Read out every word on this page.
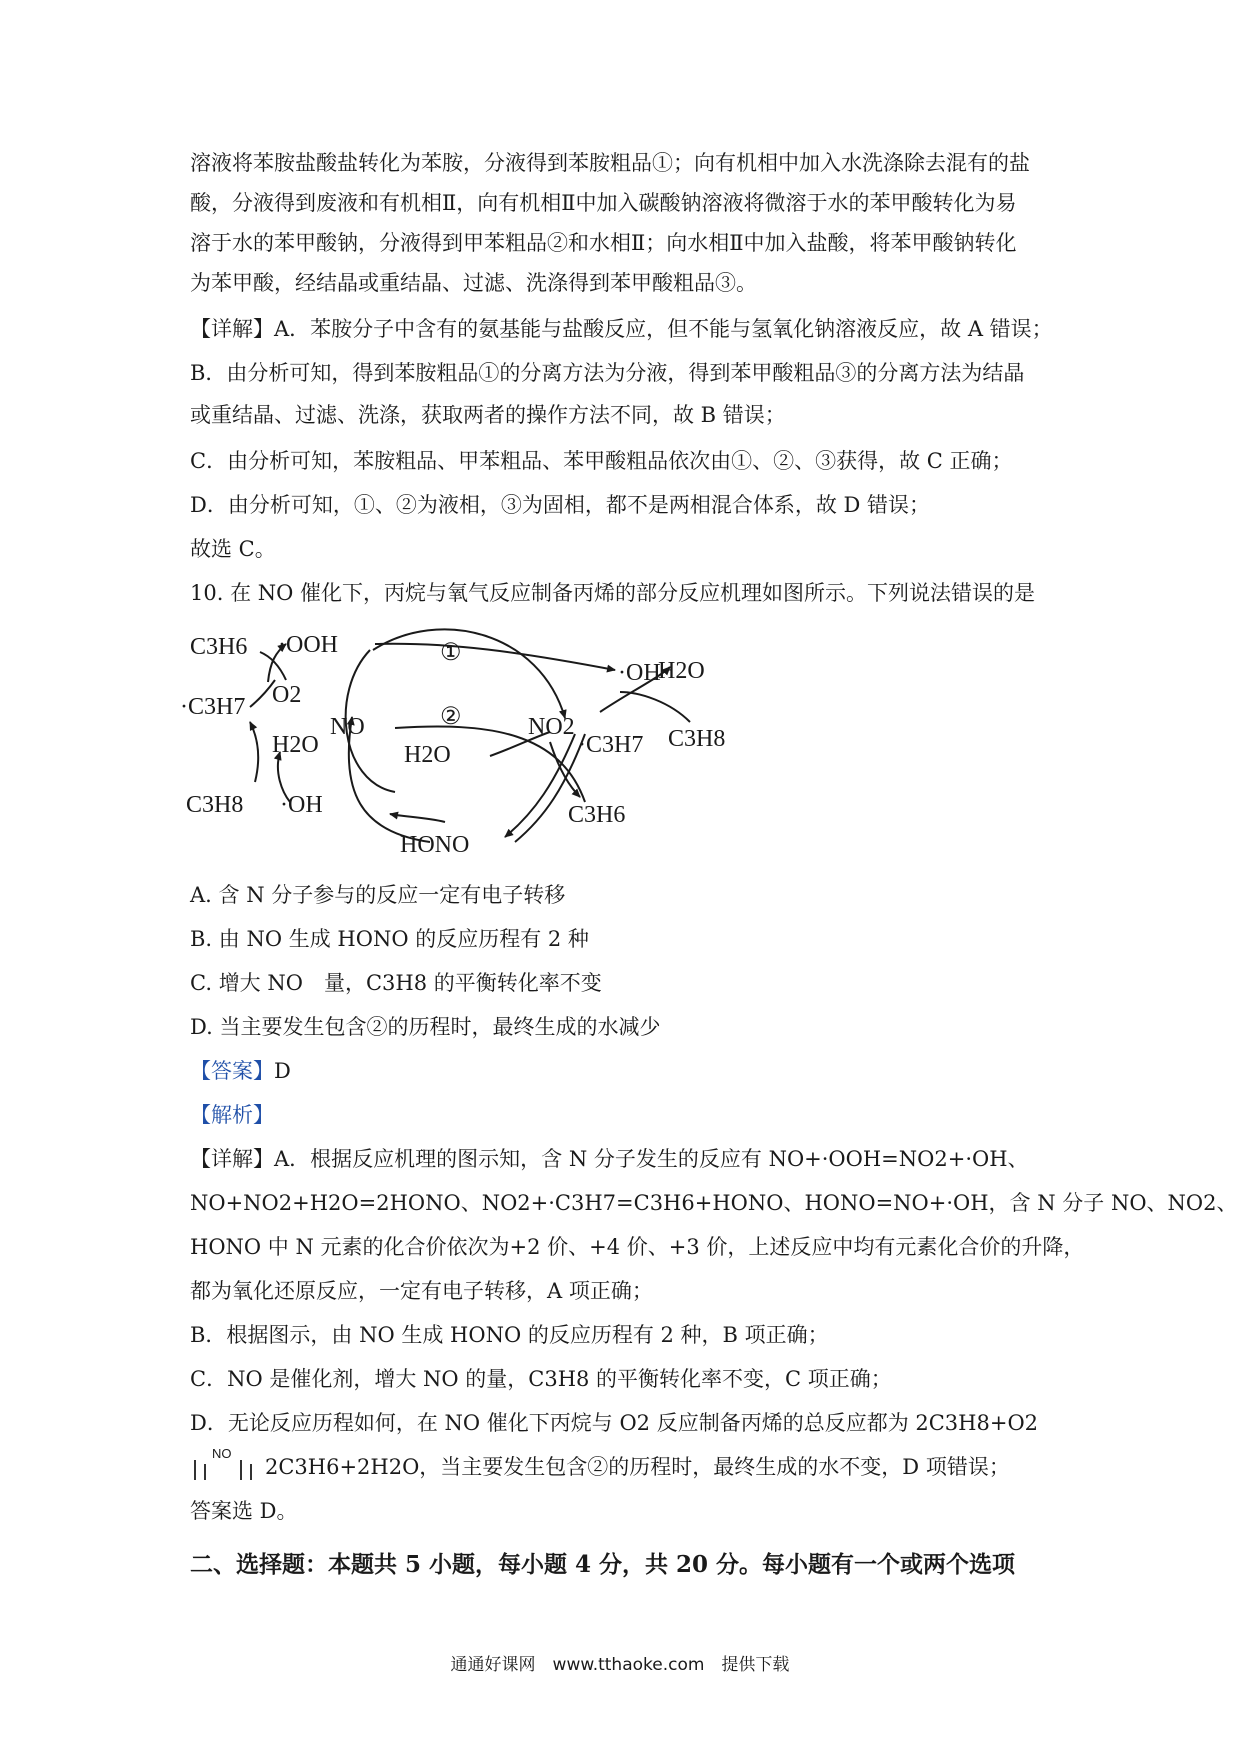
溶液将苯胺盐酸盐转化为苯胺，分液得到苯胺粗品①；向有机相中加入水洗涤除去混有的盐
酸，分液得到废液和有机相Ⅱ，向有机相Ⅱ中加入碳酸钠溶液将微溶于水的苯甲酸转化为易
溶于水的苯甲酸钠，分液得到甲苯粗品②和水相Ⅱ；向水相Ⅱ中加入盐酸，将苯甲酸钠转化
为苯甲酸，经结晶或重结晶、过滤、洗涤得到苯甲酸粗品③。
【详解】A．苯胺分子中含有的氨基能与盐酸反应，但不能与氢氧化钠溶液反应，故 A 错误；
B．由分析可知，得到苯胺粗品①的分离方法为分液，得到苯甲酸粗品③的分离方法为结晶
或重结晶、过滤、洗涤，获取两者的操作方法不同，故 B 错误；
C．由分析可知，苯胺粗品、甲苯粗品、苯甲酸粗品依次由①、②、③获得，故 C 正确；
D．由分析可知，①、②为液相，③为固相，都不是两相混合体系，故 D 错误；
故选 C。
10. 在 NO 催化下，丙烷与氧气反应制备丙烯的部分反应机理如图所示。下列说法错误的是
C3H6 ·OOH
O2
·C3H7
H2O
C3H8 ·OH
NO
①
②
H2O
NO2
HONO
·OH
H2O
C3H8
·C3H7
C3H6
A. 含 N 分子参与的反应一定有电子转移
B. 由 NO 生成 HONO 的反应历程有 2 种
C. 增大 NO　量，C3H8 的平衡转化率不变
D. 当主要发生包含②的历程时，最终生成的水减少
【答案】D
【解析】
【详解】A．根据反应机理的图示知，含 N 分子发生的反应有 NO+·OOH=NO2+·OH、
NO+NO2+H2O=2HONO、NO2+·C3H7=C3H6+HONO、HONO=NO+·OH，含 N 分子 NO、NO2、
HONO 中 N 元素的化合价依次为+2 价、+4 价、+3 价，上述反应中均有元素化合价的升降，
都为氧化还原反应，一定有电子转移，A 项正确；
B．根据图示，由 NO 生成 HONO 的反应历程有 2 种，B 项正确；
C．NO 是催化剂，增大 NO 的量，C3H8 的平衡转化率不变，C 项正确；
D．无论反应历程如何，在 NO 催化下丙烷与 O2 反应制备丙烯的总反应都为 2C3H8+O2
NO
2C3H6+2H2O，当主要发生包含②的历程时，最终生成的水不变，D 项错误；
答案选 D。
二、选择题：本题共 5 小题，每小题 4 分，共 20 分。每小题有一个或两个选项
通通好课网　www.tthaoke.com　提供下载
